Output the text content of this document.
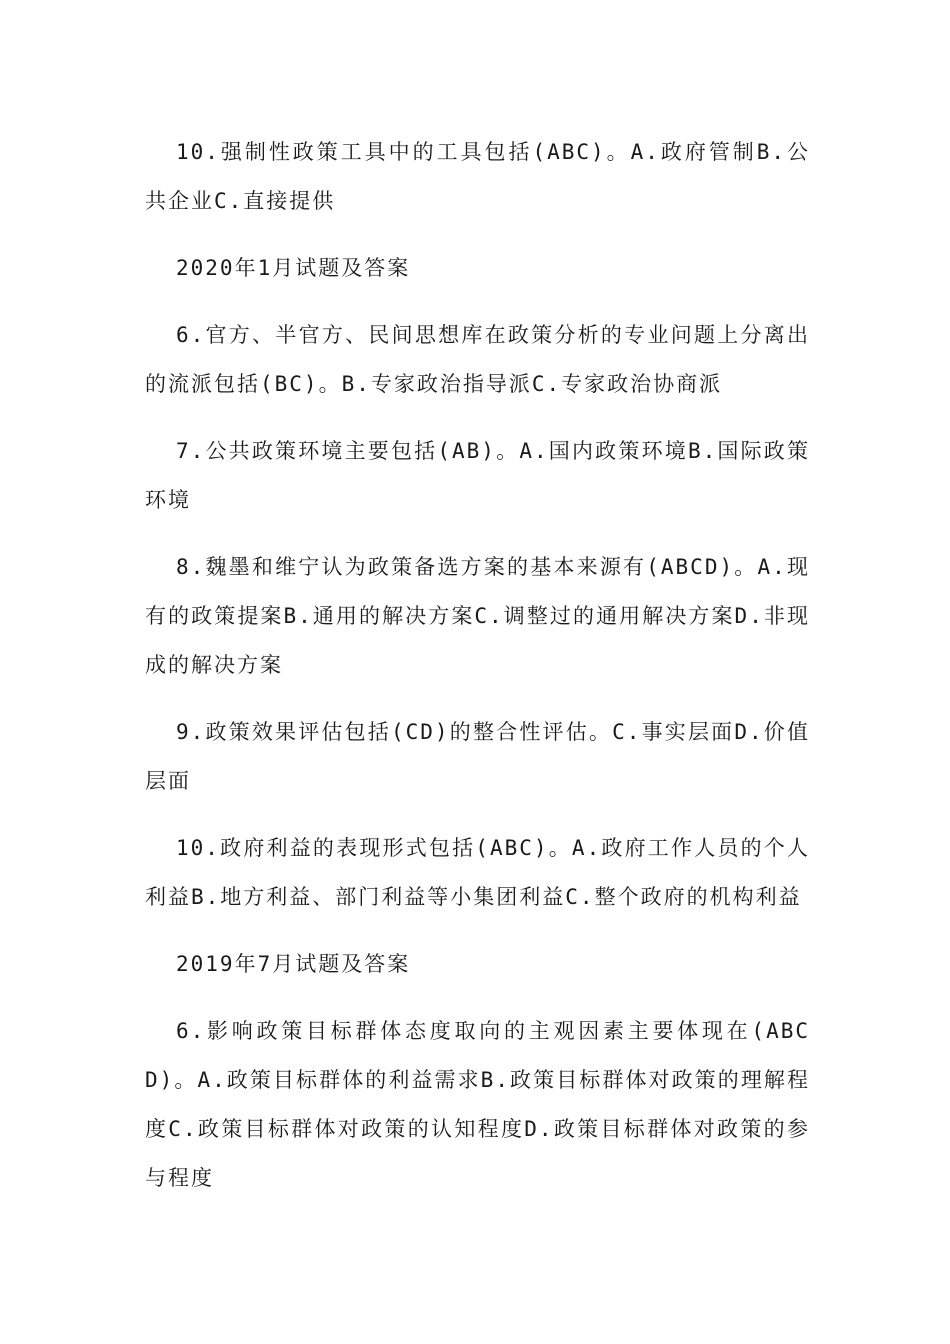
10.强制性政策工具中的工具包括(ABC)。A.政府管制B.公共企业C.直接提供

2020年1月试题及答案

6.官方、半官方、民间思想库在政策分析的专业问题上分离出的流派包括(BC)。B.专家政治指导派C.专家政治协商派

7.公共政策环境主要包括(AB)。A.国内政策环境B.国际政策环境

8.魏墨和维宁认为政策备选方案的基本来源有(ABCD)。A.现有的政策提案B.通用的解决方案C.调整过的通用解决方案D.非现成的解决方案

9.政策效果评估包括(CD)的整合性评估。C.事实层面D.价值层面

10.政府利益的表现形式包括(ABC)。A.政府工作人员的个人利益B.地方利益、部门利益等小集团利益C.整个政府的机构利益

2019年7月试题及答案

6.影响政策目标群体态度取向的主观因素主要体现在(ABCD)。A.政策目标群体的利益需求B.政策目标群体对政策的理解程度C.政策目标群体对政策的认知程度D.政策目标群体对政策的参与程度
